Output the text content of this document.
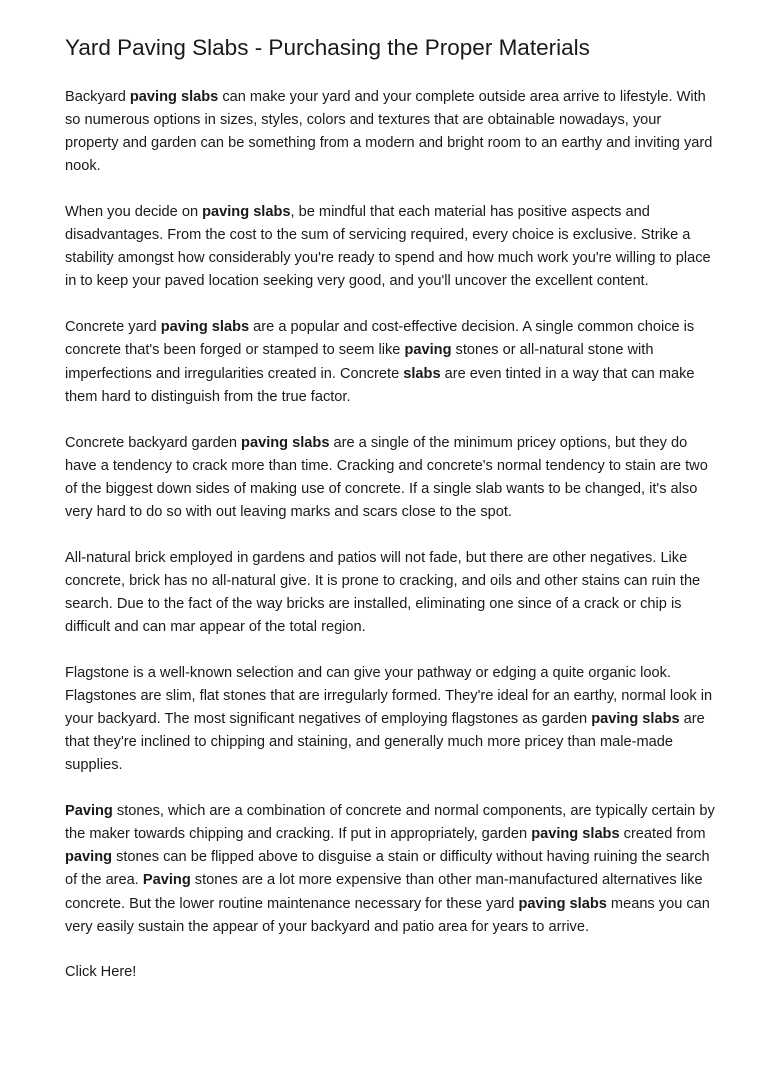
Yard Paving Slabs - Purchasing the Proper Materials

Backyard paving slabs can make your yard and your complete outside area arrive to lifestyle. With so numerous options in sizes, styles, colors and textures that are obtainable nowadays, your property and garden can be something from a modern and bright room to an earthy and inviting yard nook.

When you decide on paving slabs, be mindful that each material has positive aspects and disadvantages. From the cost to the sum of servicing required, every choice is exclusive. Strike a stability amongst how considerably you're ready to spend and how much work you're willing to place in to keep your paved location seeking very good, and you'll uncover the excellent content.

Concrete yard paving slabs are a popular and cost-effective decision. A single common choice is concrete that's been forged or stamped to seem like paving stones or all-natural stone with imperfections and irregularities created in. Concrete slabs are even tinted in a way that can make them hard to distinguish from the true factor.

Concrete backyard garden paving slabs are a single of the minimum pricey options, but they do have a tendency to crack more than time. Cracking and concrete's normal tendency to stain are two of the biggest down sides of making use of concrete. If a single slab wants to be changed, it's also very hard to do so with out leaving marks and scars close to the spot.

All-natural brick employed in gardens and patios will not fade, but there are other negatives. Like concrete, brick has no all-natural give. It is prone to cracking, and oils and other stains can ruin the search. Due to the fact of the way bricks are installed, eliminating one since of a crack or chip is difficult and can mar appear of the total region.

Flagstone is a well-known selection and can give your pathway or edging a quite organic look. Flagstones are slim, flat stones that are irregularly formed. They're ideal for an earthy, normal look in your backyard. The most significant negatives of employing flagstones as garden paving slabs are that they're inclined to chipping and staining, and generally much more pricey than male-made supplies.

Paving stones, which are a combination of concrete and normal components, are typically certain by the maker towards chipping and cracking. If put in appropriately, garden paving slabs created from paving stones can be flipped above to disguise a stain or difficulty without having ruining the search of the area. Paving stones are a lot more expensive than other man-manufactured alternatives like concrete. But the lower routine maintenance necessary for these yard paving slabs means you can very easily sustain the appear of your backyard and patio area for years to arrive.

Click Here!
